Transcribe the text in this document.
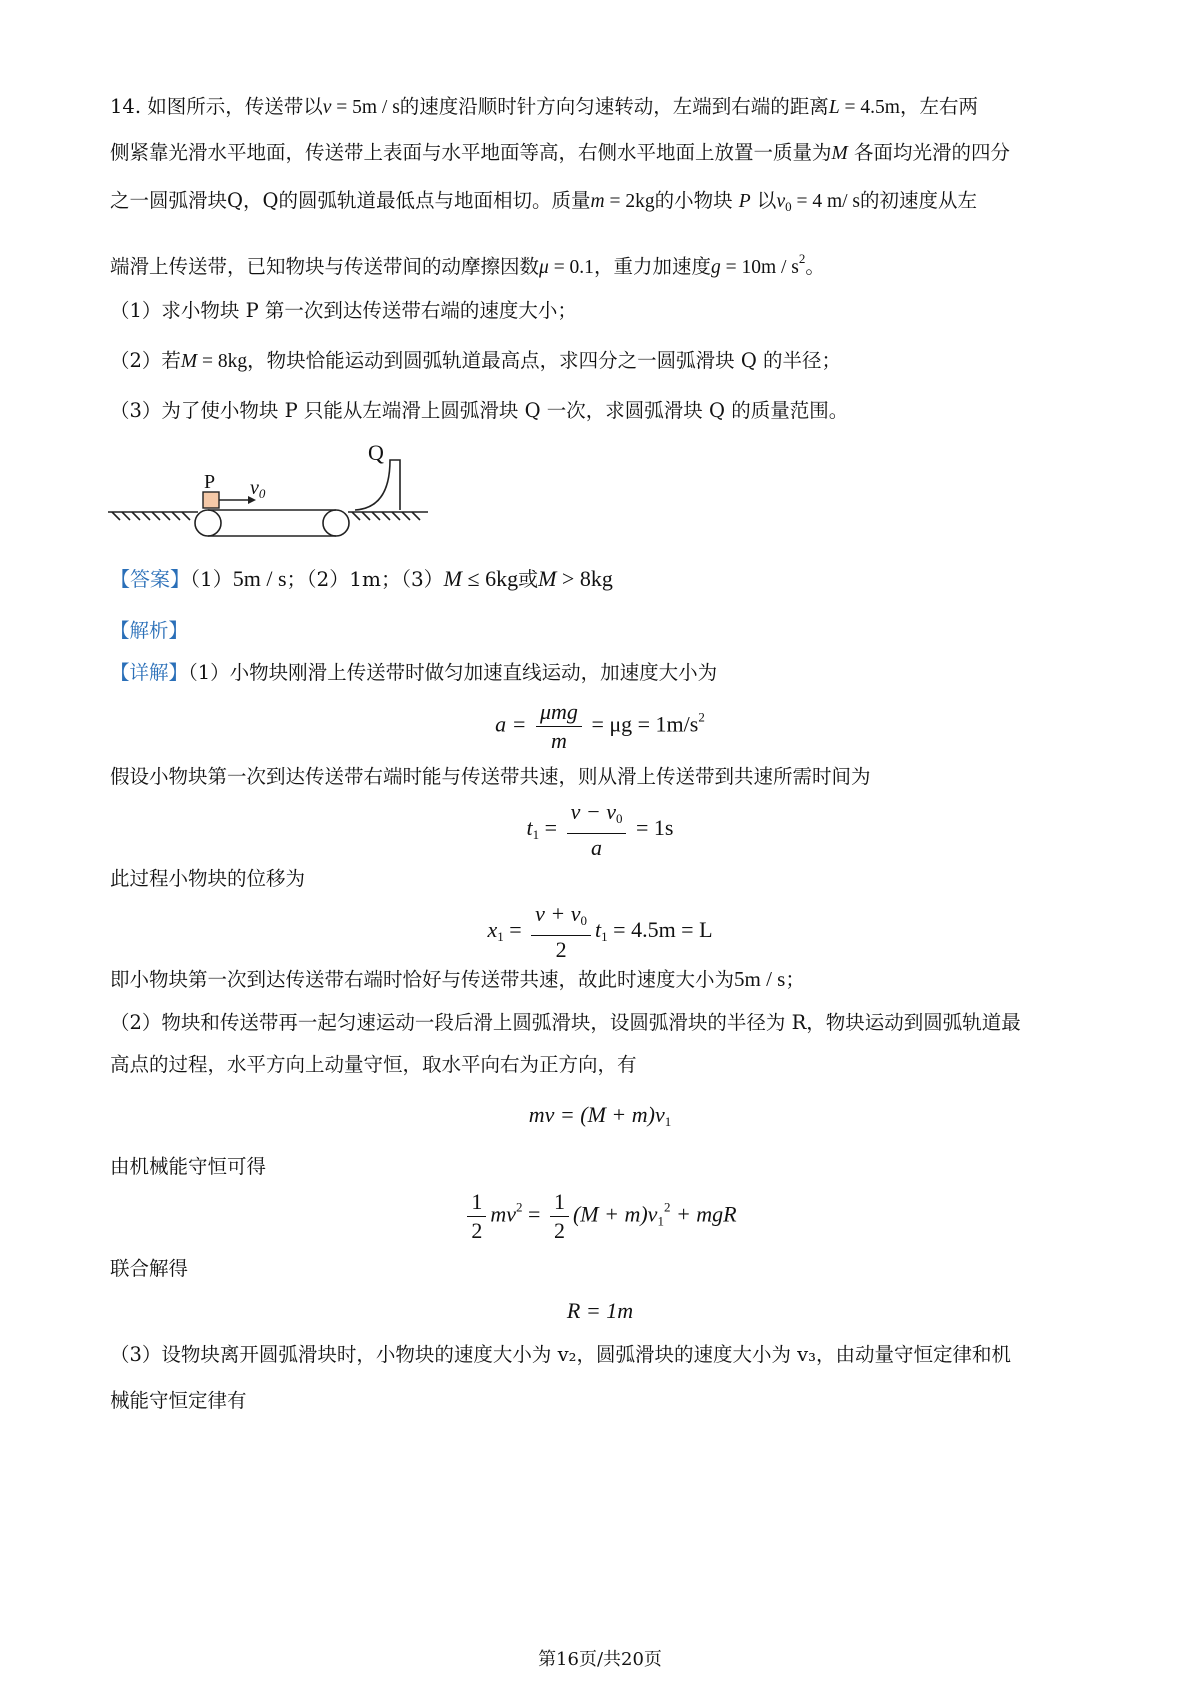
14. 如图所示，传送带以v = 5m / s的速度沿顺时针方向匀速转动，左端到右端的距离L = 4.5m，左右两

侧紧靠光滑水平地面，传送带上表面与水平地面等高，右侧水平地面上放置一质量为M 各面均光滑的四分

之一圆弧滑块Q，Q的圆弧轨道最低点与地面相切。质量m = 2kg的小物块 P 以$v_0 = 4$ m/ s的初速度从左

端滑上传送带，已知物块与传送带间的动摩擦因数μ = 0.1，重力加速度$g = 10m / s^2$。

（1）求小物块 P 第一次到达传送带右端的速度大小；

（2）若M = 8kg，物块恰能运动到圆弧轨道最高点，求四分之一圆弧滑块 Q 的半径；

（3）为了使小物块 P 只能从左端滑上圆弧滑块 Q 一次，求圆弧滑块 Q 的质量范围。

P $v_0$
Q

【答案】（1）5m / s；（2）1m；（3）M ≤ 6kg或M > 8kg

【解析】

【详解】（1）小物块刚滑上传送带时做匀加速直线运动，加速度大小为

$a = \frac{\text{μmg}}{m} = \mu g = 1m/s^2$

假设小物块第一次到达传送带右端时能与传送带共速，则从滑上传送带到共速所需时间为

$t_1 = \frac{v - v_0}{a} = 1s$

此过程小物块的位移为

$x_1 = \frac{v + v_0}{2} t_1 = 4.5m = L$

即小物块第一次到达传送带右端时恰好与传送带共速，故此时速度大小为5m / s；

（2）物块和传送带再一起匀速运动一段后滑上圆弧滑块，设圆弧滑块的半径为 R，物块运动到圆弧轨道最

高点的过程，水平方向上动量守恒，取水平向右为正方向，有

mv = $(M + m)v_1$

由机械能守恒可得

$\frac{1}{2} mv^2 = \frac{1}{2} (M + m)v_1^2$ + mgR

联合解得

R = 1m

（3）设物块离开圆弧滑块时，小物块的速度大小为 v₂，圆弧滑块的速度大小为 v₃，由动量守恒定律和机

械能守恒定律有

第16页/共20页
